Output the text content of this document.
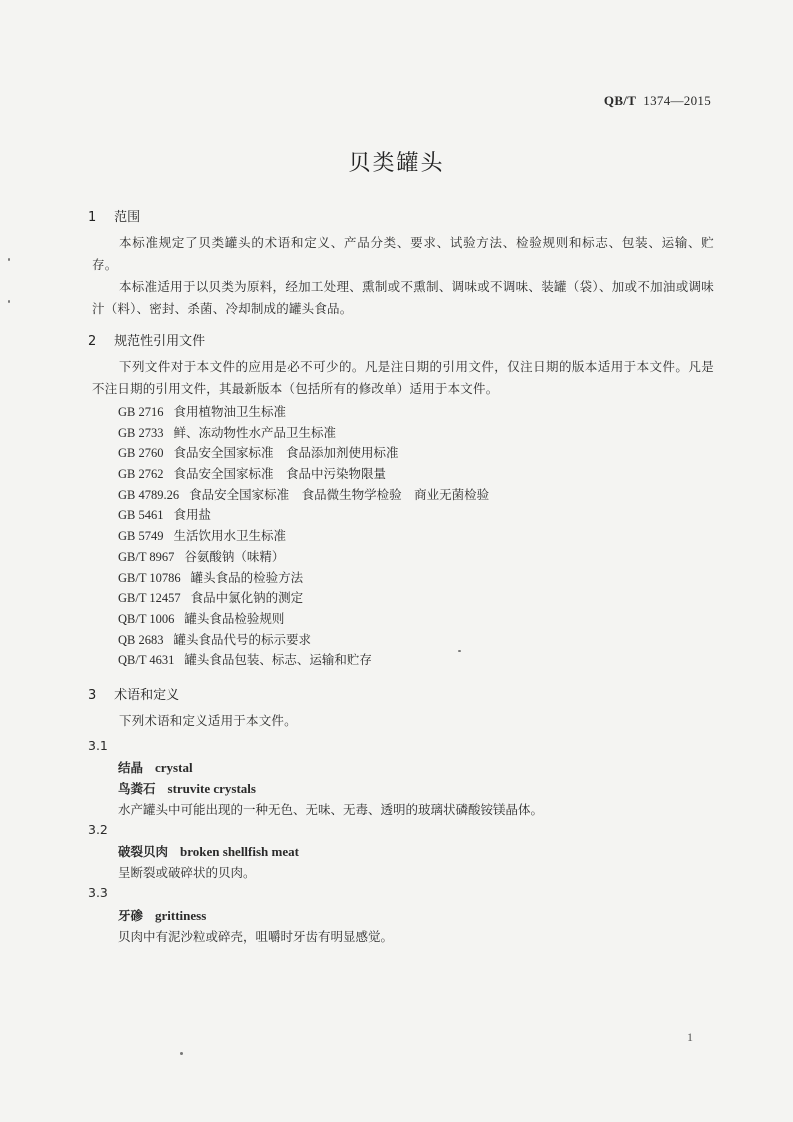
QB/T 1374—2015
贝类罐头
1 范围
本标准规定了贝类罐头的术语和定义、产品分类、要求、试验方法、检验规则和标志、包装、运输、贮存。
本标准适用于以贝类为原料，经加工处理、熏制或不熏制、调味或不调味、装罐（袋）、加或不加油或调味汁（料）、密封、杀菌、冷却制成的罐头食品。
2 规范性引用文件
下列文件对于本文件的应用是必不可少的。凡是注日期的引用文件，仅注日期的版本适用于本文件。凡是不注日期的引用文件，其最新版本（包括所有的修改单）适用于本文件。
GB 2716 食用植物油卫生标准
GB 2733 鲜、冻动物性水产品卫生标准
GB 2760 食品安全国家标准　食品添加剂使用标准
GB 2762 食品安全国家标准　食品中污染物限量
GB 4789.26 食品安全国家标准　食品微生物学检验　商业无菌检验
GB 5461 食用盐
GB 5749 生活饮用水卫生标准
GB/T 8967 谷氨酸钠（味精）
GB/T 10786 罐头食品的检验方法
GB/T 12457 食品中氯化钠的测定
QB/T 1006 罐头食品检验规则
QB 2683 罐头食品代号的标示要求
QB/T 4631 罐头食品包装、标志、运输和贮存
3 术语和定义
下列术语和定义适用于本文件。
3.1
结晶 crystal
鸟粪石 struvite crystals
水产罐头中可能出现的一种无色、无味、无毒、透明的玻璃状磷酸铵镁晶体。
3.2
破裂贝肉 broken shellfish meat
呈断裂或破碎状的贝肉。
3.3
牙碜 grittiness
贝肉中有泥沙粒或碎壳，咀嚼时牙齿有明显感觉。
1
